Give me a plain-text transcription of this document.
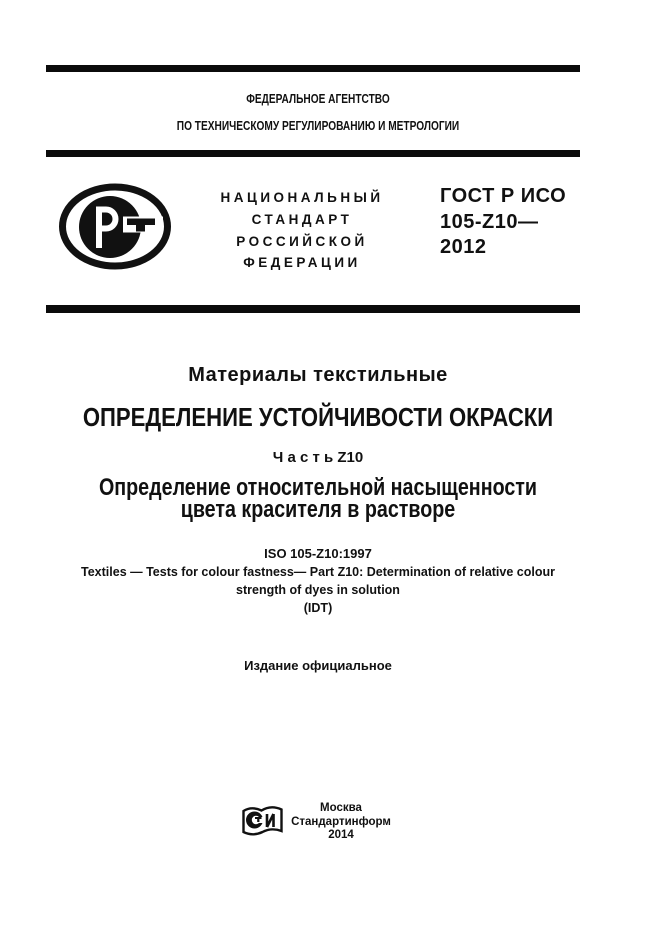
ФЕДЕРАЛЬНОЕ АГЕНТСТВО
ПО ТЕХНИЧЕСКОМУ РЕГУЛИРОВАНИЮ И МЕТРОЛОГИИ
НАЦИОНАЛЬНЫЙ
СТАНДАРТ
РОССИЙСКОЙ
ФЕДЕРАЦИИ
ГОСТ Р ИСО
105-Z10—
2012
Материалы текстильные
ОПРЕДЕЛЕНИЕ УСТОЙЧИВОСТИ ОКРАСКИ
Ч а с т ь Z10
Определение относительной насыщенности
цвета красителя в растворе
ISO 105-Z10:1997
Textiles — Tests for colour fastness— Part Z10: Determination of relative colour
strength of dyes in solution
(IDT)
Издание официальное
Москва
Стандартинформ
2014
